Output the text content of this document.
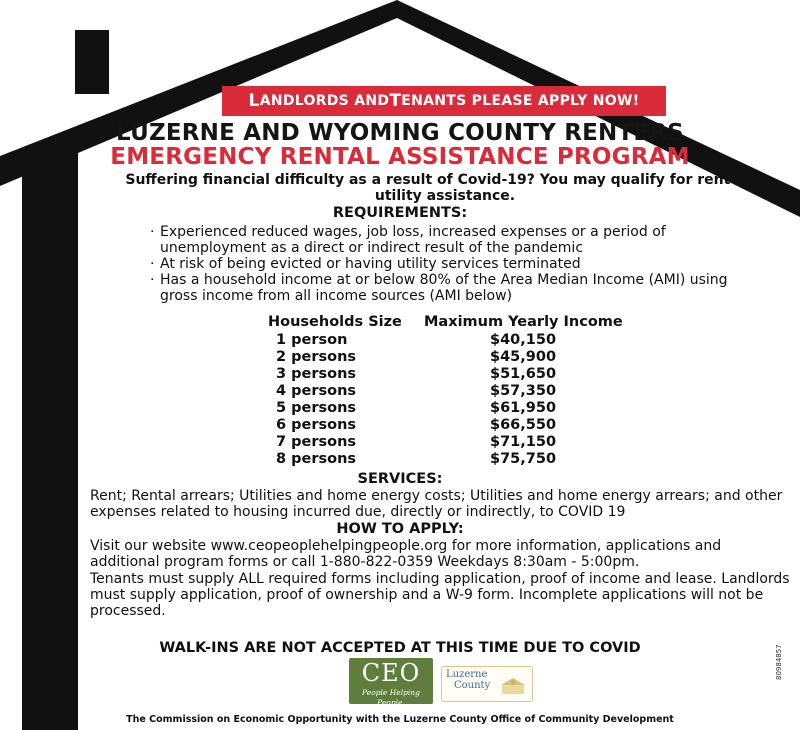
L ANDLORDS AND T ENANTS PLEASE APPLY NOW!
LUZERNE AND WYOMING COUNTY RENTERS
EMERGENCY RENTAL ASSISTANCE PROGRAM
Suffering financial difficulty as a result of Covid-19? You may qualify for rent and utility assistance.
REQUIREMENTS:
· Experienced reduced wages, job loss, increased expenses or a period of unemployment as a direct or indirect result of the pandemic
· At risk of being evicted or having utility services terminated
· Has a household income at or below 80% of the Area Median Income (AMI) using gross income from all income sources (AMI below)
Households Size	Maximum Yearly Income
1 person	$40,150
2 persons	$45,900
3 persons	$51,650
4 persons	$57,350
5 persons	$61,950
6 persons	$66,550
7 persons	$71,150
8 persons	$75,750
SERVICES:
Rent; Rental arrears; Utilities and home energy costs; Utilities and home energy arrears; and other expenses related to housing incurred due, directly or indirectly, to COVID 19
HOW TO APPLY:
Visit our website www.ceopeoplehelpingpeople.org for more information, applications and additional program forms or call 1-880-822-0359 Weekdays 8:30am - 5:00pm.
Tenants must supply ALL required forms including application, proof of income and lease. Landlords must supply application, proof of ownership and a W-9 form. Incomplete applications will not be processed.
WALK-INS ARE NOT ACCEPTED AT THIS TIME DUE TO COVID
CEO
People Helping People.
Luzerne
County
The Commission on Economic Opportunity with the Luzerne County Office of Community Development
80984857
